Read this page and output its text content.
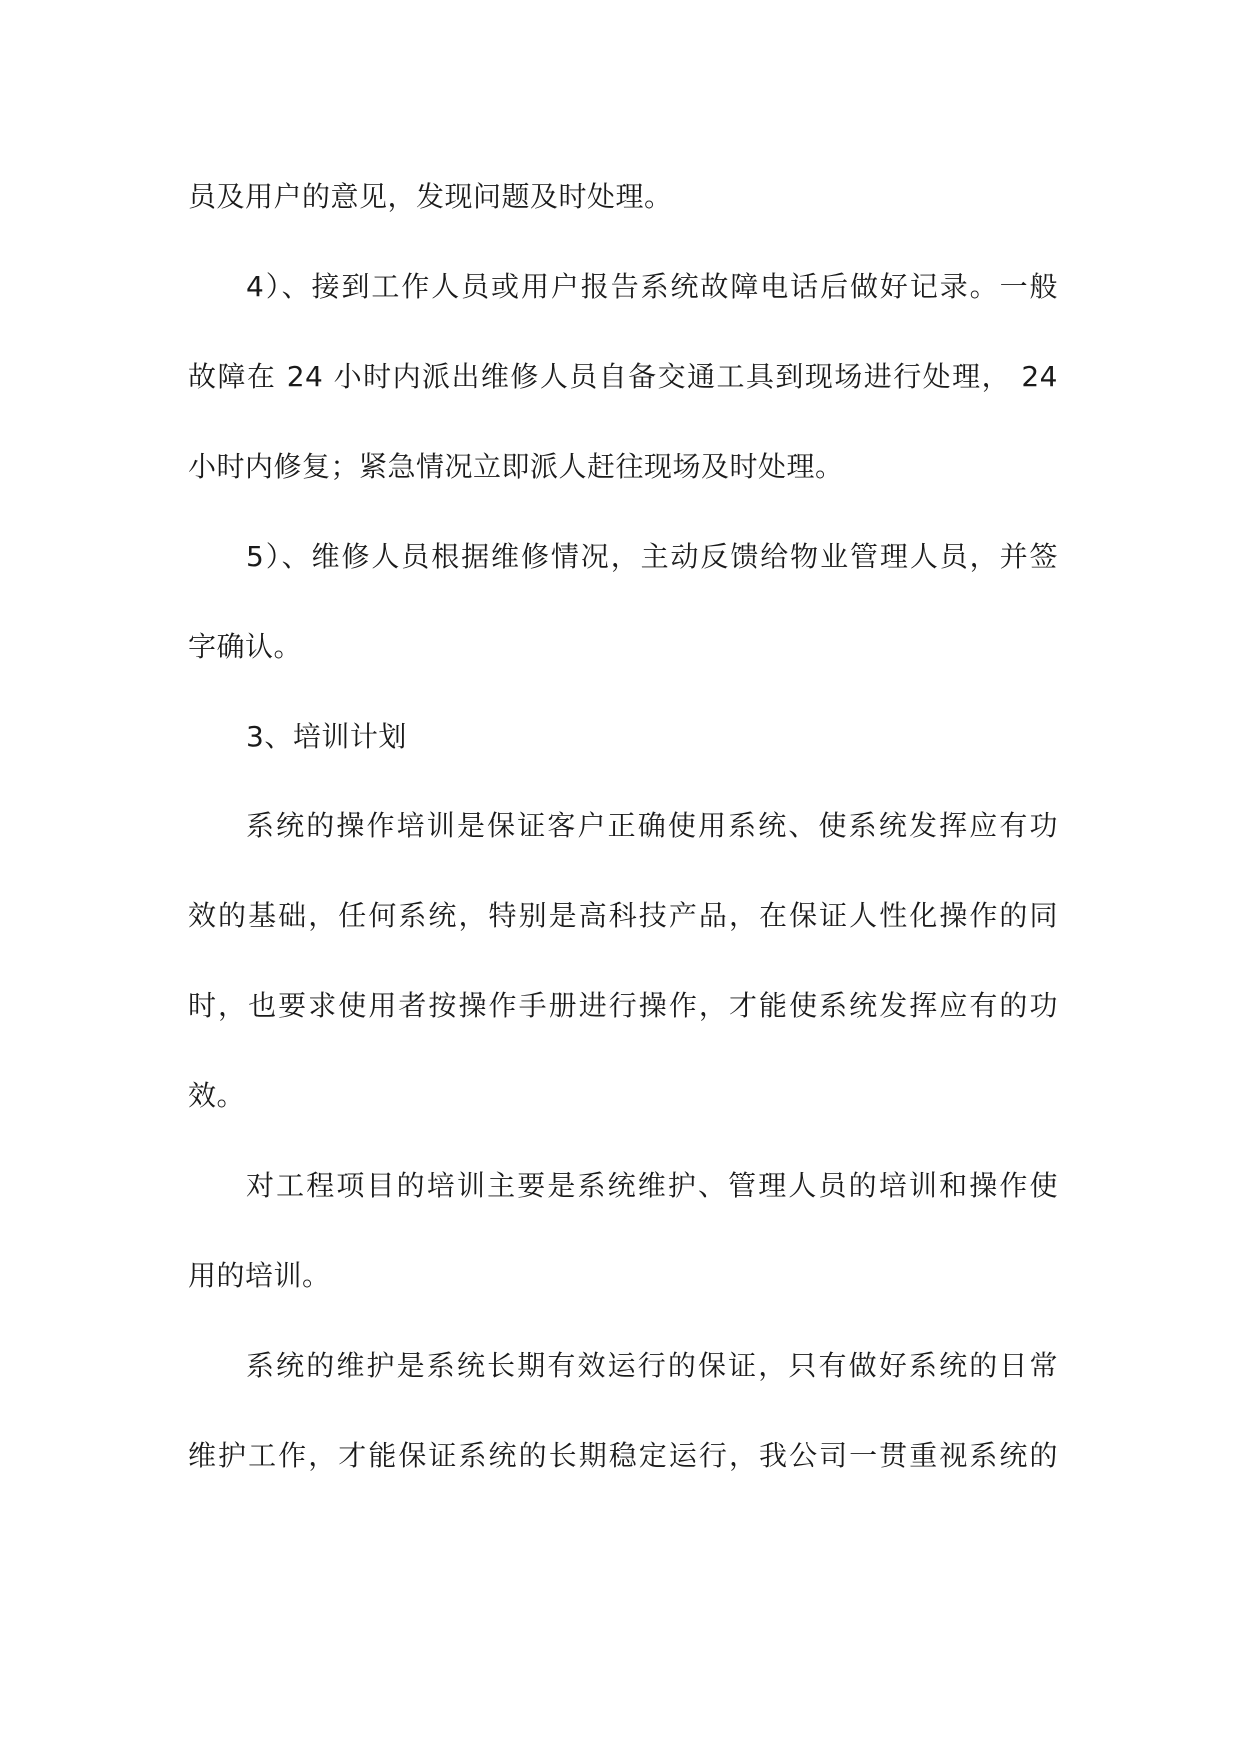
员及用户的意见，发现问题及时处理。
4）、接到工作人员或用户报告系统故障电话后做好记录。一般
故障在 24 小时内派出维修人员自备交通工具到现场进行处理， 24
小时内修复；紧急情况立即派人赶往现场及时处理。
5）、维修人员根据维修情况，主动反馈给物业管理人员，并签
字确认。
3、培训计划
系统的操作培训是保证客户正确使用系统、使系统发挥应有功
效的基础，任何系统，特别是高科技产品，在保证人性化操作的同
时，也要求使用者按操作手册进行操作，才能使系统发挥应有的功
效。
对工程项目的培训主要是系统维护、管理人员的培训和操作使
用的培训。
系统的维护是系统长期有效运行的保证，只有做好系统的日常
维护工作，才能保证系统的长期稳定运行，我公司一贯重视系统的
